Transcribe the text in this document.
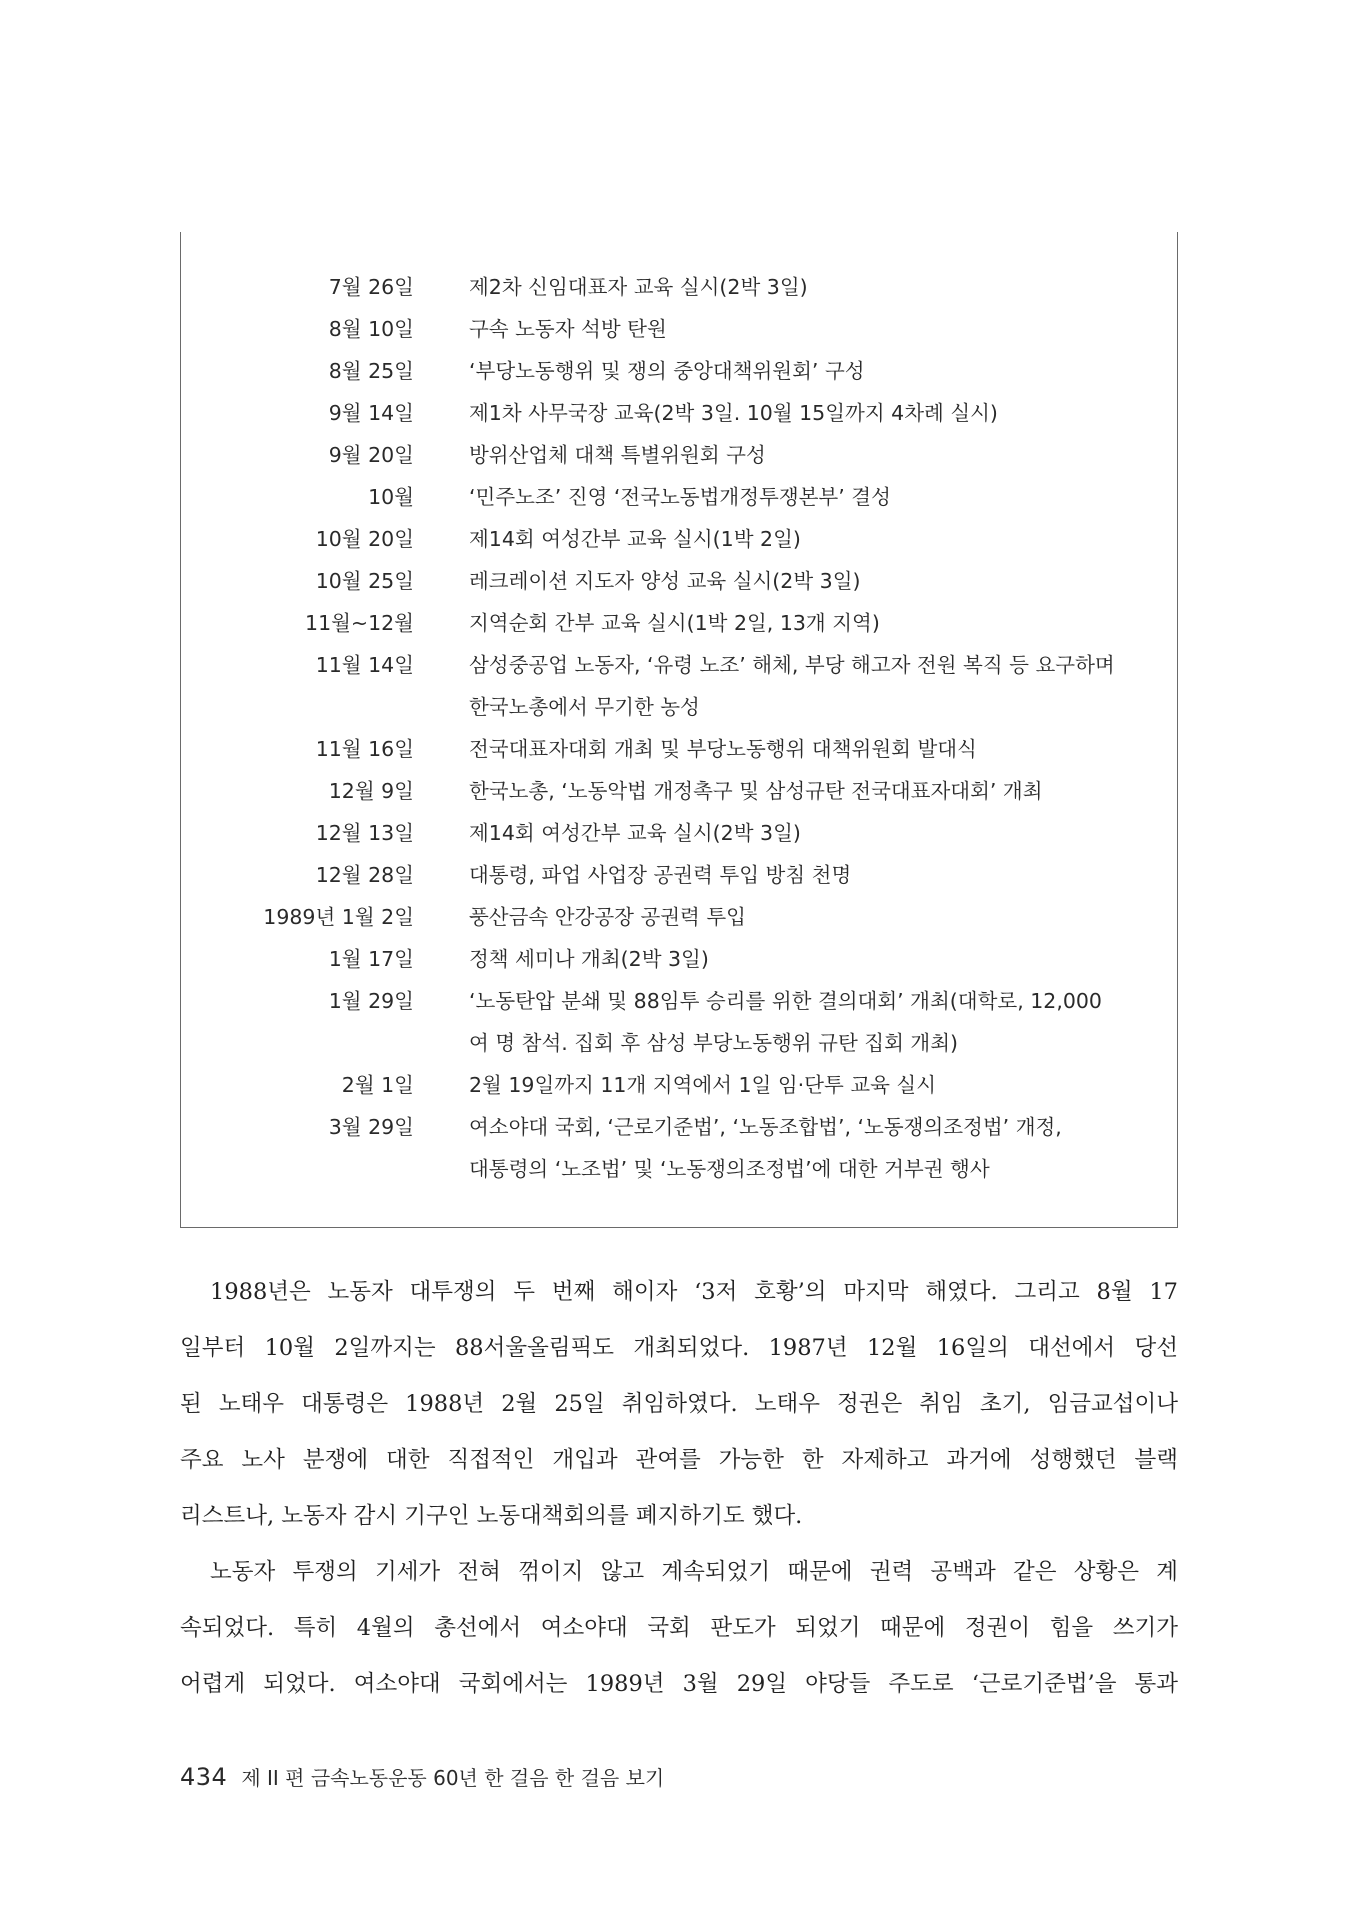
7월 26일	제2차 신임대표자 교육 실시(2박 3일)
8월 10일	구속 노동자 석방 탄원
8월 25일	‘부당노동행위 및 쟁의 중앙대책위원회’ 구성
9월 14일	제1차 사무국장 교육(2박 3일. 10월 15일까지 4차례 실시)
9월 20일	방위산업체 대책 특별위원회 구성
10월	‘민주노조’ 진영 ‘전국노동법개정투쟁본부’ 결성
10월 20일	제14회 여성간부 교육 실시(1박 2일)
10월 25일	레크레이션 지도자 양성 교육 실시(2박 3일)
11월~12월	지역순회 간부 교육 실시(1박 2일, 13개 지역)
11월 14일	삼성중공업 노동자, ‘유령 노조’ 해체, 부당 해고자 전원 복직 등 요구하며
한국노총에서 무기한 농성
11월 16일	전국대표자대회 개최 및 부당노동행위 대책위원회 발대식
12월 9일	한국노총, ‘노동악법 개정촉구 및 삼성규탄 전국대표자대회’ 개최
12월 13일	제14회 여성간부 교육 실시(2박 3일)
12월 28일	대통령, 파업 사업장 공권력 투입 방침 천명
1989년 1월 2일	풍산금속 안강공장 공권력 투입
1월 17일	정책 세미나 개최(2박 3일)
1월 29일	‘노동탄압 분쇄 및 88임투 승리를 위한 결의대회’ 개최(대학로, 12,000
여 명 참석. 집회 후 삼성 부당노동행위 규탄 집회 개최)
2월 1일	2월 19일까지 11개 지역에서 1일 임·단투 교육 실시
3월 29일	여소야대 국회, ‘근로기준법’, ‘노동조합법’, ‘노동쟁의조정법’ 개정,
대통령의 ‘노조법’ 및 ‘노동쟁의조정법’에 대한 거부권 행사

1988년은 노동자 대투쟁의 두 번째 해이자 ‘3저 호황’의 마지막 해였다. 그리고 8월 17
일부터 10월 2일까지는 88서울올림픽도 개최되었다. 1987년 12월 16일의 대선에서 당선
된 노태우 대통령은 1988년 2월 25일 취임하였다. 노태우 정권은 취임 초기, 임금교섭이나
주요 노사 분쟁에 대한 직접적인 개입과 관여를 가능한 한 자제하고 과거에 성행했던 블랙
리스트나, 노동자 감시 기구인 노동대책회의를 폐지하기도 했다.

노동자 투쟁의 기세가 전혀 꺾이지 않고 계속되었기 때문에 권력 공백과 같은 상황은 계
속되었다. 특히 4월의 총선에서 여소야대 국회 판도가 되었기 때문에 정권이 힘을 쓰기가
어렵게 되었다. 여소야대 국회에서는 1989년 3월 29일 야당들 주도로 ‘근로기준법’을 통과

434 제 II 편 금속노동운동 60년 한 걸음 한 걸음 보기
